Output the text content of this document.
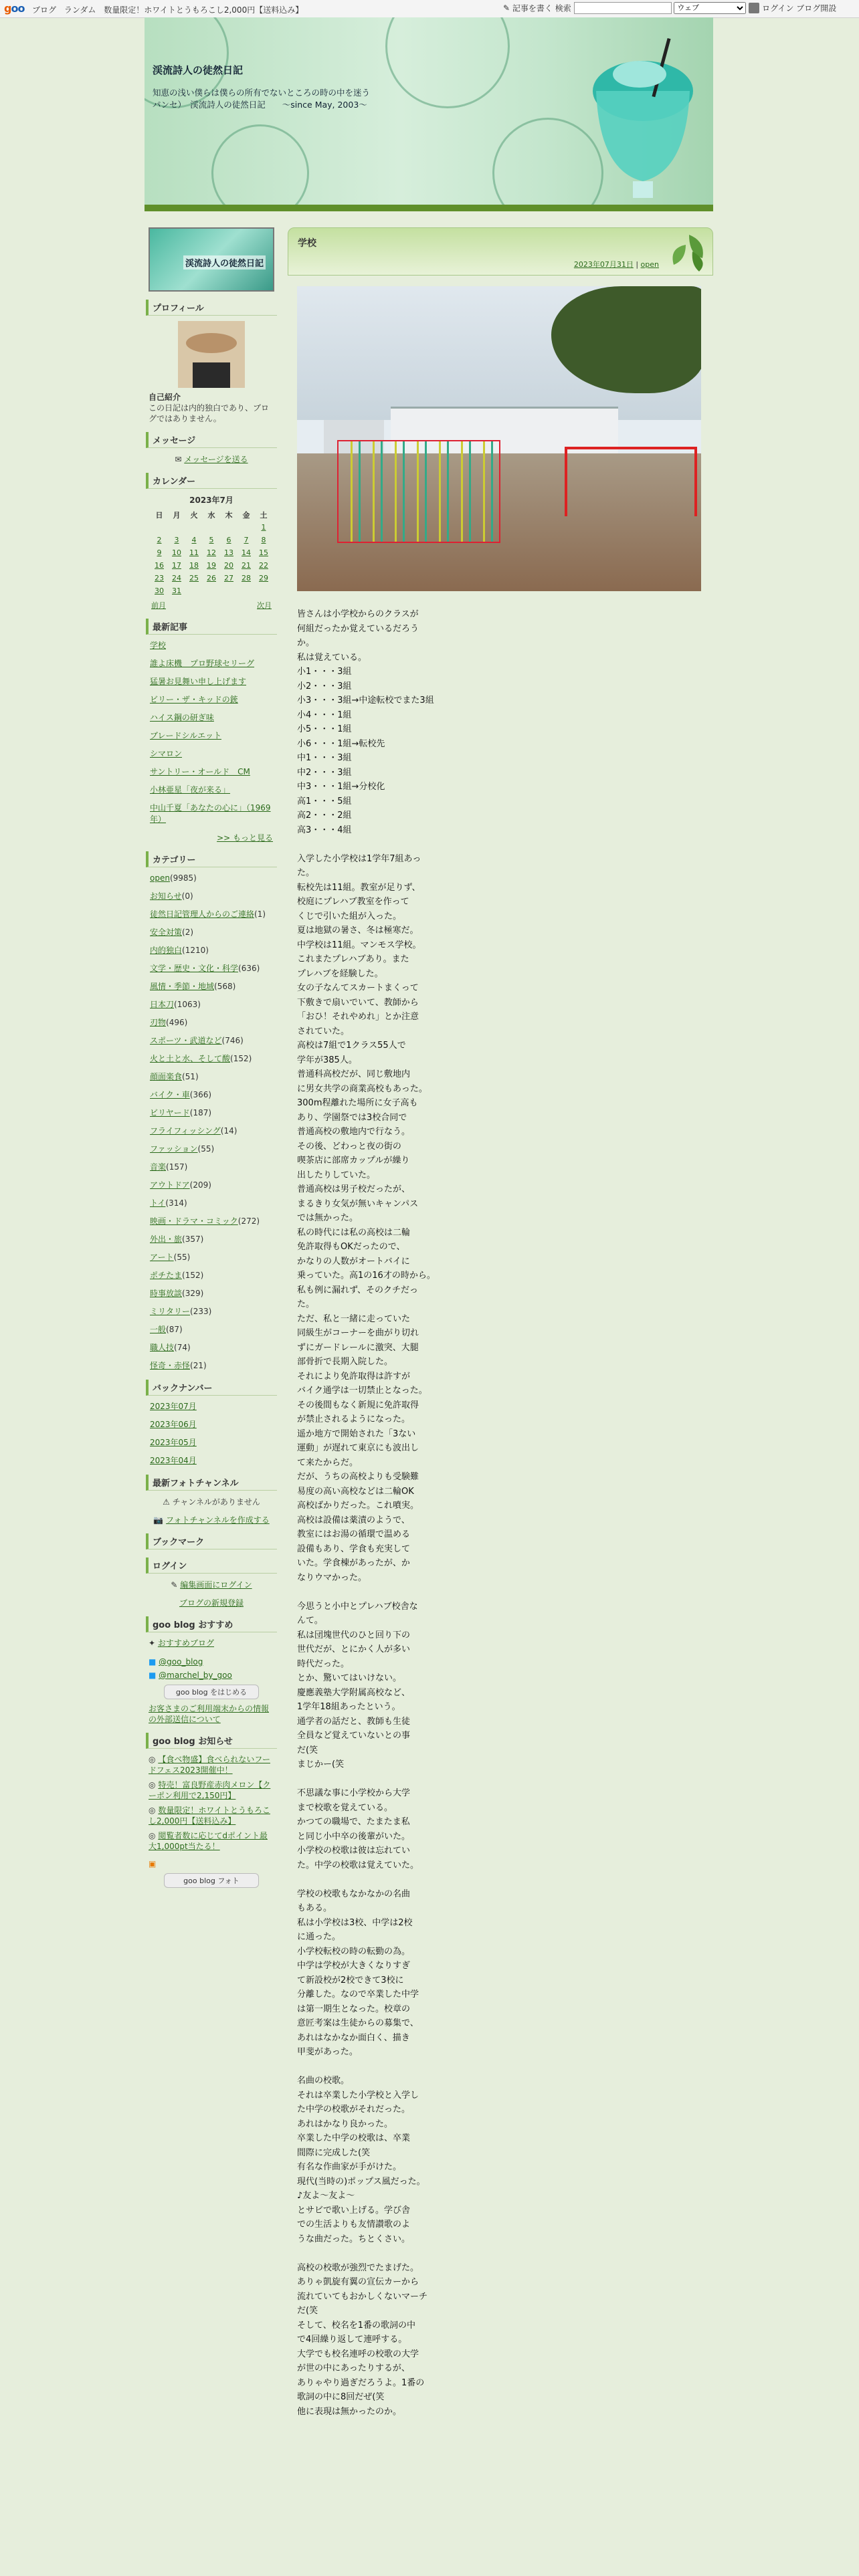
goo ブログ ランダム 数量限定！ホワイトとうもろこし2,000円【送料込み】	✎ 記事を書く 検索
ウェブ	ログイン ブログ開設
渓流詩人の徒然日記
知恵の浅い僕らは僕らの所有でないところの時の中を迷うパンセ）　渓流詩人の徒然日記　　〜since May, 2003〜
渓流詩人の徒然日記
プロフィール
自己紹介
この日記は内的独白であり、ブログではありません。
メッセージ
✉ メッセージを送る
カレンダー
2023年7月
日	月	火	水	木	金	土
						1
2	3	4	5	6	7	8
9	10	11	12	13	14	15
16	17	18	19	20	21	22
23	24	25	26	27	28	29
30	31					
前月	次月
最新記事
学校
誰よ床機　プロ野球セリーグ
猛暑お見舞い申し上げます
ビリー・ザ・キッドの銃
ハイス鋼の研ぎ味
ブレードシルエット
シマロン
サントリー・オールド　CM
小林亜星「夜が来る」
中山千夏「あなたの心に」（1969年）
>> もっと見る
カテゴリー
open(9985)
お知らせ(0)
徒然日記管理人からのご連絡(1)
安全対策(2)
内的独白(1210)
文学・歴史・文化・科学(636)
風情・季節・地域(568)
日本刀(1063)
刃物(496)
スポーツ・武道など(746)
火と土と水、そして酸(152)
顔面楽食(51)
バイク・車(366)
ビリヤード(187)
フライフィッシング(14)
ファッション(55)
音楽(157)
アウトドア(209)
トイ(314)
映画・ドラマ・コミック(272)
外出・旅(357)
アート(55)
ポチたま(152)
時事放談(329)
ミリタリー(233)
一般(87)
職人技(74)
怪奇・赤怪(21)
バックナンバー
2023年07月
2023年06月
2023年05月
2023年04月
最新フォトチャンネル
⚠ チャンネルがありません
📷 フォトチャンネルを作成する
ブックマーク
ログイン
✎ 編集画面にログイン
ブログの新規登録
goo blog おすすめ
✦ おすすめブログ
■ @goo_blog
■ @marchel_by_goo
goo blog をはじめる
お客さまのご利用端末からの情報の外部送信について
goo blog お知らせ
◎ 【食べ物盛】食べられないフードフェス2023開催中！
◎ 特売！富良野産赤肉メロン【クーポン利用で2,150円】
◎ 数量限定！ホワイトとうもろこし2,000円【送料込み】
◎ 閲覧者数に応じてdポイント最大1,000pt当たる！
▣
goo blog フォト
学校
2023年07月31日 | open

皆さんは小学校からのクラスが

何組だったか覚えているだろう

か。

私は覚えている。

小1・・・3組

小2・・・3組

小3・・・3組→中途転校でまた3組

小4・・・1組

小5・・・1組

小6・・・1組→転校先

中1・・・3組

中2・・・3組

中3・・・1組→分校化

高1・・・5組

高2・・・2組

高3・・・4組

入学した小学校は1学年7組あっ

た。

転校先は11組。教室が足りず、

校庭にプレハブ教室を作って

くじで引いた組が入った。

夏は地獄の暑さ、冬は極寒だ。

中学校は11組。マンモス学校。

これまたプレハブあり。また

プレハブを経験した。

女の子なんてスカートまくって

下敷きで扇いでいて、教師から

「おひ！それやめれ」とか注意

されていた。

高校は7組で1クラス55人で

学年が385人。

普通科高校だが、同じ敷地内

に男女共学の商業高校もあった。

300m程離れた場所に女子高も

あり、学園祭では3校合同で

普通高校の敷地内で行なう。

その後、どわっと夜の街の

喫茶店に部席カップルが繰り

出したりしていた。

普通高校は男子校だったが、

まるきり女気が無いキャンパス

では無かった。

私の時代には私の高校は二輪

免許取得もOKだったので、

かなりの人数がオートバイに

乗っていた。高1の16才の時から。

私も例に漏れず、そのクチだっ

た。

ただ、私と一緒に走っていた

同級生がコーナーを曲がり切れ

ずにガードレールに激突、大腿

部骨折で長期入院した。

それにより免許取得は許すが

バイク通学は一切禁止となった。

その後間もなく新規に免許取得

が禁止されるようになった。

遥か地方で開始された「3ない

運動」が遅れて東京にも波出し

て来たからだ。

だが、うちの高校よりも受験難

易度の高い高校などは二輪OK

高校ばかりだった。これ噴実。

高校は設備は薬漬のようで、

教室にはお湯の循環で温める

設備もあり、学食も充実して

いた。学食棟があったが、か

なりウマかった。

今思うと小中とプレハブ校舎な

んて。

私は団塊世代のひと回り下の

世代だが、とにかく人が多い

時代だった。

とか、驚いてはいけない。

慶應義塾大学附属高校など、

1学年18組あったという。

通学者の話だと、教師も生徒

全員など覚えていないとの事

だ(笑

まじかー(笑

不思議な事に小学校から大学

まで校歌を覚えている。

かつての職場で、たまたま私

と同じ小中卒の後輩がいた。

小学校の校歌は彼は忘れてい

た。中学の校歌は覚えていた。

学校の校歌もなかなかの名曲

もある。

私は小学校は3校、中学は2校

に通った。

小学校転校の時の転勤の為。

中学は学校が大きくなりすぎ

て新設校が2校できて3校に

分離した。なので卒業した中学

は第一期生となった。校章の

意匠考案は生徒からの募集で、

あれはなかなか面白く、描き

甲斐があった。

名曲の校歌。

それは卒業した小学校と入学し

た中学の校歌がそれだった。

あれはかなり良かった。

卒業した中学の校歌は、卒業

間際に完成した(笑

有名な作曲家が手がけた。

現代(当時の)ポップス風だった。

♪友よ〜友よ〜

とサビで歌い上げる。学び舎

での生活よりも友情讃歌のよ

うな曲だった。ちとくさい。

高校の校歌が強烈でたまげた。

ありゃ凱旋有翼の宣伝カーから

流れていてもおかしくないマーチ

だ(笑

そして、校名を1番の歌詞の中

で4回繰り返して連呼する。

大学でも校名連呼の校歌の大学

が世の中にあったりするが、

ありゃやり過ぎだろうよ。1番の

歌詞の中に8回だぜ(笑

他に表現は無かったのか。
